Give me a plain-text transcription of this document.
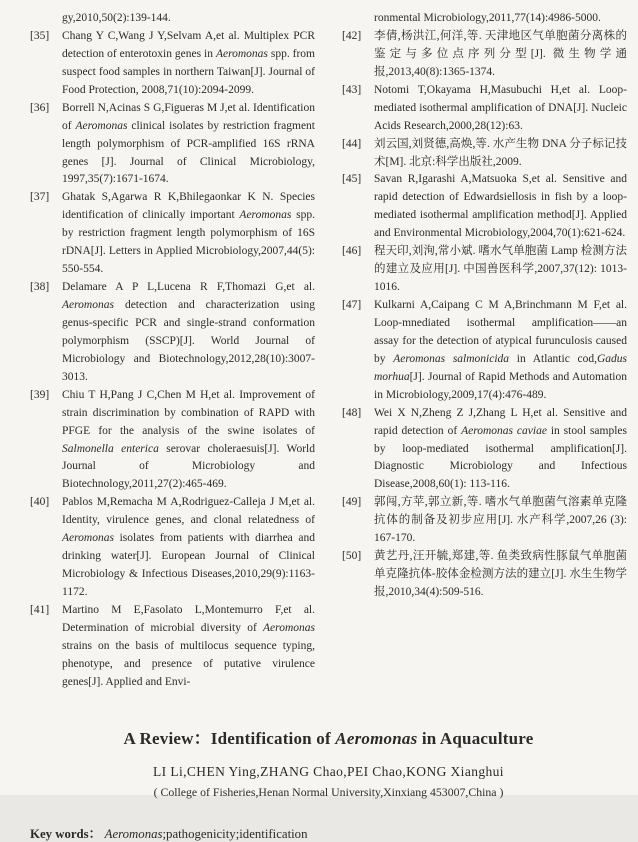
gy,2010,50(2):139-144.
[35]	Chang Y C,Wang J Y,Selvam A,et al. Multiplex PCR detection of enterotoxin genes in Aeromonas spp. from suspect food samples in northern Taiwan[J]. Journal of Food Protection, 2008,71(10):2094-2099.
[36]	Borrell N,Acinas S G,Figueras M J,et al. Identification of Aeromonas clinical isolates by restriction fragment length polymorphism of PCR-amplified 16S rRNA genes [J]. Journal of Clinical Microbiology, 1997,35(7):1671-1674.
[37]	Ghatak S,Agarwa R K,Bhilegaonkar K N. Species identification of clinically important Aeromonas spp. by restriction fragment length polymorphism of 16S rDNA[J]. Letters in Applied Microbiology,2007,44(5): 550-554.
[38]	Delamare A P L,Lucena R F,Thomazi G,et al. Aeromonas detection and characterization using genus-specific PCR and single-strand conformation polymorphism (SSCP)[J]. World Journal of Microbiology and Biotechnology,2012,28(10):3007-3013.
[39]	Chiu T H,Pang J C,Chen M H,et al. Improvement of strain discrimination by combination of RAPD with PFGE for the analysis of the swine isolates of Salmonella enterica serovar choleraesuis[J]. World Journal of Microbiology and Biotechnology,2011,27(2):465-469.
[40]	Pablos M,Remacha M A,Rodriguez-Calleja J M,et al. Identity, virulence genes, and clonal relatedness of Aeromonas isolates from patients with diarrhea and drinking water[J]. European Journal of Clinical Microbiology & Infectious Diseases,2010,29(9):1163-1172.
[41]	Martino M E,Fasolato L,Montemurro F,et al. Determination of microbial diversity of Aeromonas strains on the basis of multilocus sequence typing, phenotype, and presence of putative virulence genes[J]. Applied and Envi-
ronmental Microbiology,2011,77(14):4986-5000.
[42]	李倩,杨洪江,何洋,等. 天津地区气单胞菌分离株的鉴定与多位点序列分型[J]. 微生物学通报,2013,40(8):1365-1374.
[43]	Notomi T,Okayama H,Masubuchi H,et al. Loop-mediated isothermal amplification of DNA[J]. Nucleic Acids Research,2000,28(12):63.
[44]	刘云国,刘贤德,高焕,等. 水产生物 DNA 分子标记技术[M]. 北京:科学出版社,2009.
[45]	Savan R,Igarashi A,Matsuoka S,et al. Sensitive and rapid detection of Edwardsiellosis in fish by a loop-mediated isothermal amplification method[J]. Applied and Environmental Microbiology,2004,70(1):621-624.
[46]	程天印,刘洵,常小斌. 嗜水气单胞菌 Lamp 检测方法的建立及应用[J]. 中国兽医科学,2007,37(12): 1013-1016.
[47]	Kulkarni A,Caipang C M A,Brinchmann M F,et al. Loop-mnediated isothermal amplification——an assay for the detection of atypical furunculosis caused by Aeromonas salmonicida in Atlantic cod,Gadus morhua[J]. Journal of Rapid Methods and Automation in Microbiology,2009,17(4):476-489.
[48]	Wei X N,Zheng Z J,Zhang L H,et al. Sensitive and rapid detection of Aeromonas caviae in stool samples by loop-mediated isothermal amplification[J]. Diagnostic Microbiology and Infectious Disease,2008,60(1): 113-116.
[49]	郭闯,方苹,郭立新,等. 嗜水气单胞菌气溶素单克隆抗体的制备及初步应用[J]. 水产科学,2007,26 (3): 167-170.
[50]	黄艺丹,汪开毓,郑建,等. 鱼类致病性豚鼠气单胞菌单克隆抗体-胶体金检测方法的建立[J]. 水生生物学报,2010,34(4):509-516.
A Review：Identification of Aeromonas in Aquaculture
LI Li,CHEN Ying,ZHANG Chao,PEI Chao,KONG Xianghui
( College of Fisheries,Henan Normal University,Xinxiang 453007,China )
Key words： Aeromonas;pathogenicity;identification
